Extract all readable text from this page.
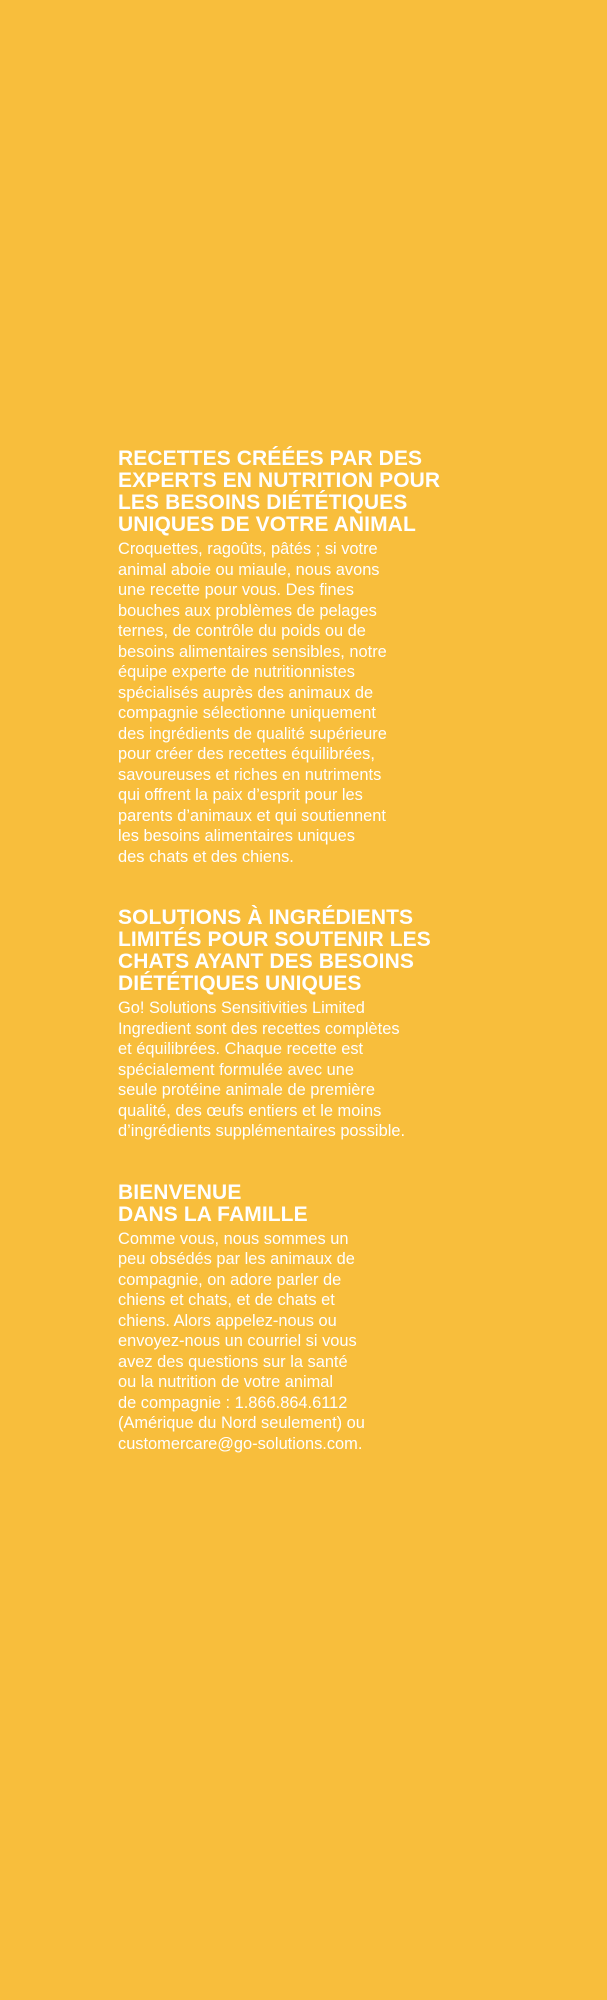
RECETTES CRÉÉES PAR DES
EXPERTS EN NUTRITION POUR
LES BESOINS DIÉTÉTIQUES
UNIQUES DE VOTRE ANIMAL

Croquettes, ragoûts, pâtés ; si votre
animal aboie ou miaule, nous avons
une recette pour vous. Des fines
bouches aux problèmes de pelages
ternes, de contrôle du poids ou de
besoins alimentaires sensibles, notre
équipe experte de nutritionnistes
spécialisés auprès des animaux de
compagnie sélectionne uniquement
des ingrédients de qualité supérieure
pour créer des recettes équilibrées,
savoureuses et riches en nutriments
qui offrent la paix d’esprit pour les
parents d’animaux et qui soutiennent
les besoins alimentaires uniques
des chats et des chiens.

SOLUTIONS À INGRÉDIENTS
LIMITÉS POUR SOUTENIR LES
CHATS AYANT DES BESOINS
DIÉTÉTIQUES UNIQUES

Go! Solutions Sensitivities Limited
Ingredient sont des recettes complètes
et équilibrées. Chaque recette est
spécialement formulée avec une
seule protéine animale de première
qualité, des œufs entiers et le moins
d’ingrédients supplémentaires possible.

BIENVENUE
DANS LA FAMILLE

Comme vous, nous sommes un
peu obsédés par les animaux de
compagnie, on adore parler de
chiens et chats, et de chats et
chiens. Alors appelez-nous ou
envoyez-nous un courriel si vous
avez des questions sur la santé
ou la nutrition de votre animal
de compagnie : 1.866.864.6112
(Amérique du Nord seulement) ou
customercare@go-solutions.com.
